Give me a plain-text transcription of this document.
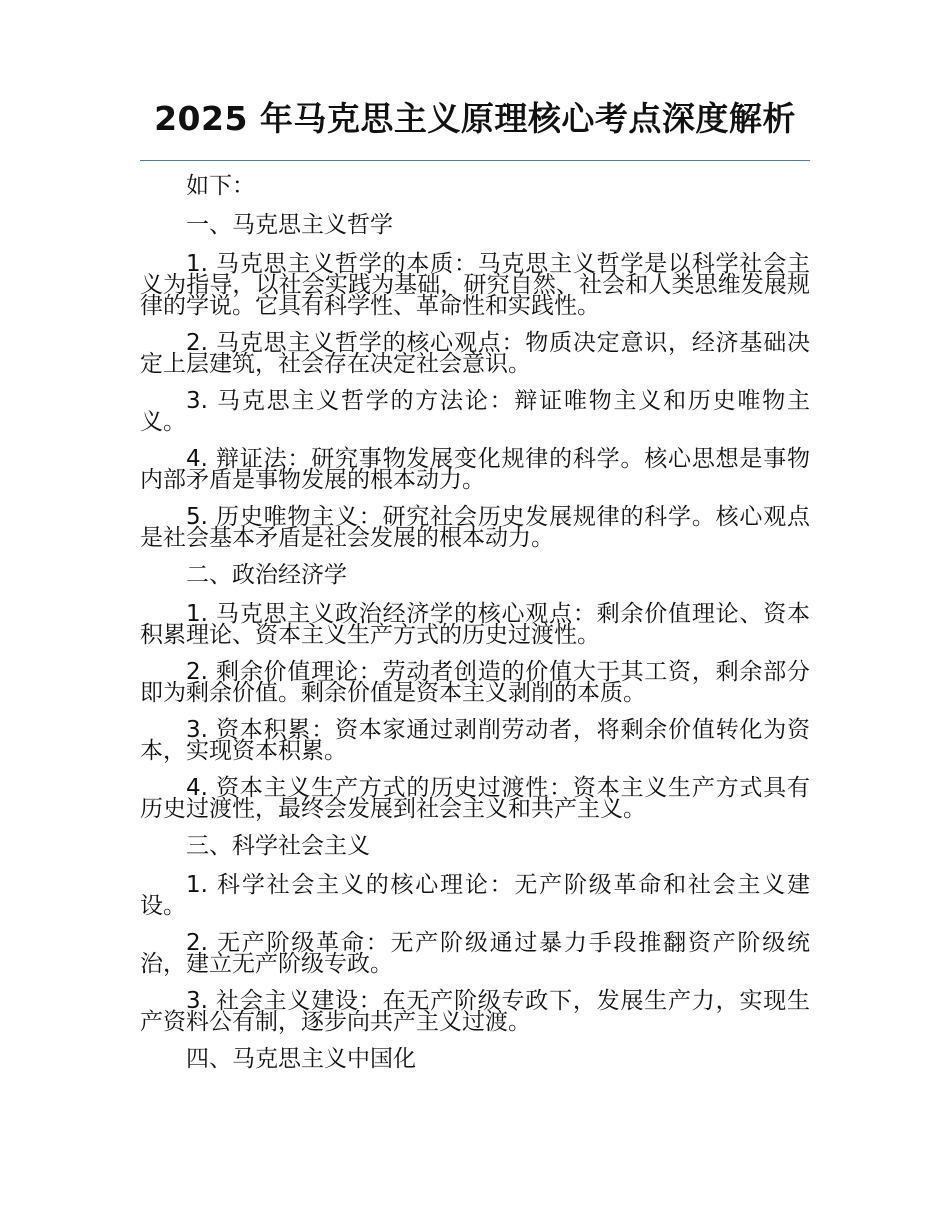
2025 年马克思主义原理核心考点深度解析

如下：

一、马克思主义哲学

1. 马克思主义哲学的本质：马克思主义哲学是以科学社会主义为指导，以社会实践为基础，研究自然、社会和人类思维发展规律的学说。它具有科学性、革命性和实践性。

2. 马克思主义哲学的核心观点：物质决定意识，经济基础决定上层建筑，社会存在决定社会意识。

3. 马克思主义哲学的方法论：辩证唯物主义和历史唯物主义。

4. 辩证法：研究事物发展变化规律的科学。核心思想是事物内部矛盾是事物发展的根本动力。

5. 历史唯物主义：研究社会历史发展规律的科学。核心观点是社会基本矛盾是社会发展的根本动力。

二、政治经济学

1. 马克思主义政治经济学的核心观点：剩余价值理论、资本积累理论、资本主义生产方式的历史过渡性。

2. 剩余价值理论：劳动者创造的价值大于其工资，剩余部分即为剩余价值。剩余价值是资本主义剥削的本质。

3. 资本积累：资本家通过剥削劳动者，将剩余价值转化为资本，实现资本积累。

4. 资本主义生产方式的历史过渡性：资本主义生产方式具有历史过渡性，最终会发展到社会主义和共产主义。

三、科学社会主义

1. 科学社会主义的核心理论：无产阶级革命和社会主义建设。

2. 无产阶级革命：无产阶级通过暴力手段推翻资产阶级统治，建立无产阶级专政。

3. 社会主义建设：在无产阶级专政下，发展生产力，实现生产资料公有制，逐步向共产主义过渡。

四、马克思主义中国化
